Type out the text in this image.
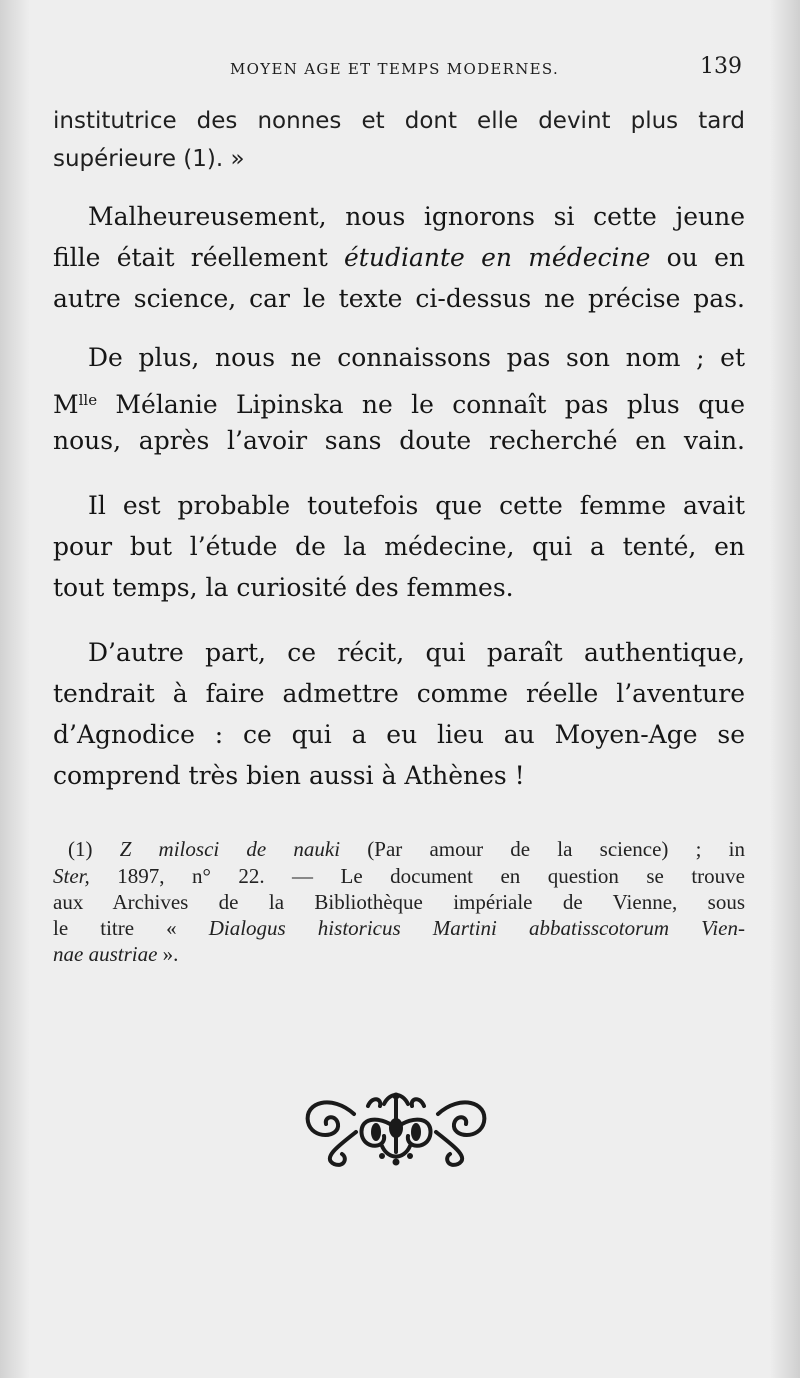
MOYEN AGE ET TEMPS MODERNES.	139
institutrice des nonnes et dont elle devint plus tard
supérieure (1). »
Malheureusement, nous ignorons si cette jeune
fille était réellement étudiante en médecine ou en
autre science, car le texte ci-dessus ne précise pas.
De plus, nous ne connaissons pas son nom ; et
$M^{lle}$ Mélanie Lipinska ne le connaît pas plus que
nous, après l’avoir sans doute recherché en vain.
Il est probable toutefois que cette femme avait
pour but l’étude de la médecine, qui a tenté, en
tout temps, la curiosité des femmes.
D’autre part, ce récit, qui paraît authentique,
tendrait à faire admettre comme réelle l’aventure
d’Agnodice : ce qui a eu lieu au Moyen-Age se
comprend très bien aussi à Athènes !
(1) Z milosci de nauki (Par amour de la science) ; in
Ster, 1897, n° 22. — Le document en question se trouve
aux Archives de la Bibliothèque impériale de Vienne, sous
le titre « Dialogus historicus Martini abbatisscotorum Vien-
nae austriae ».
